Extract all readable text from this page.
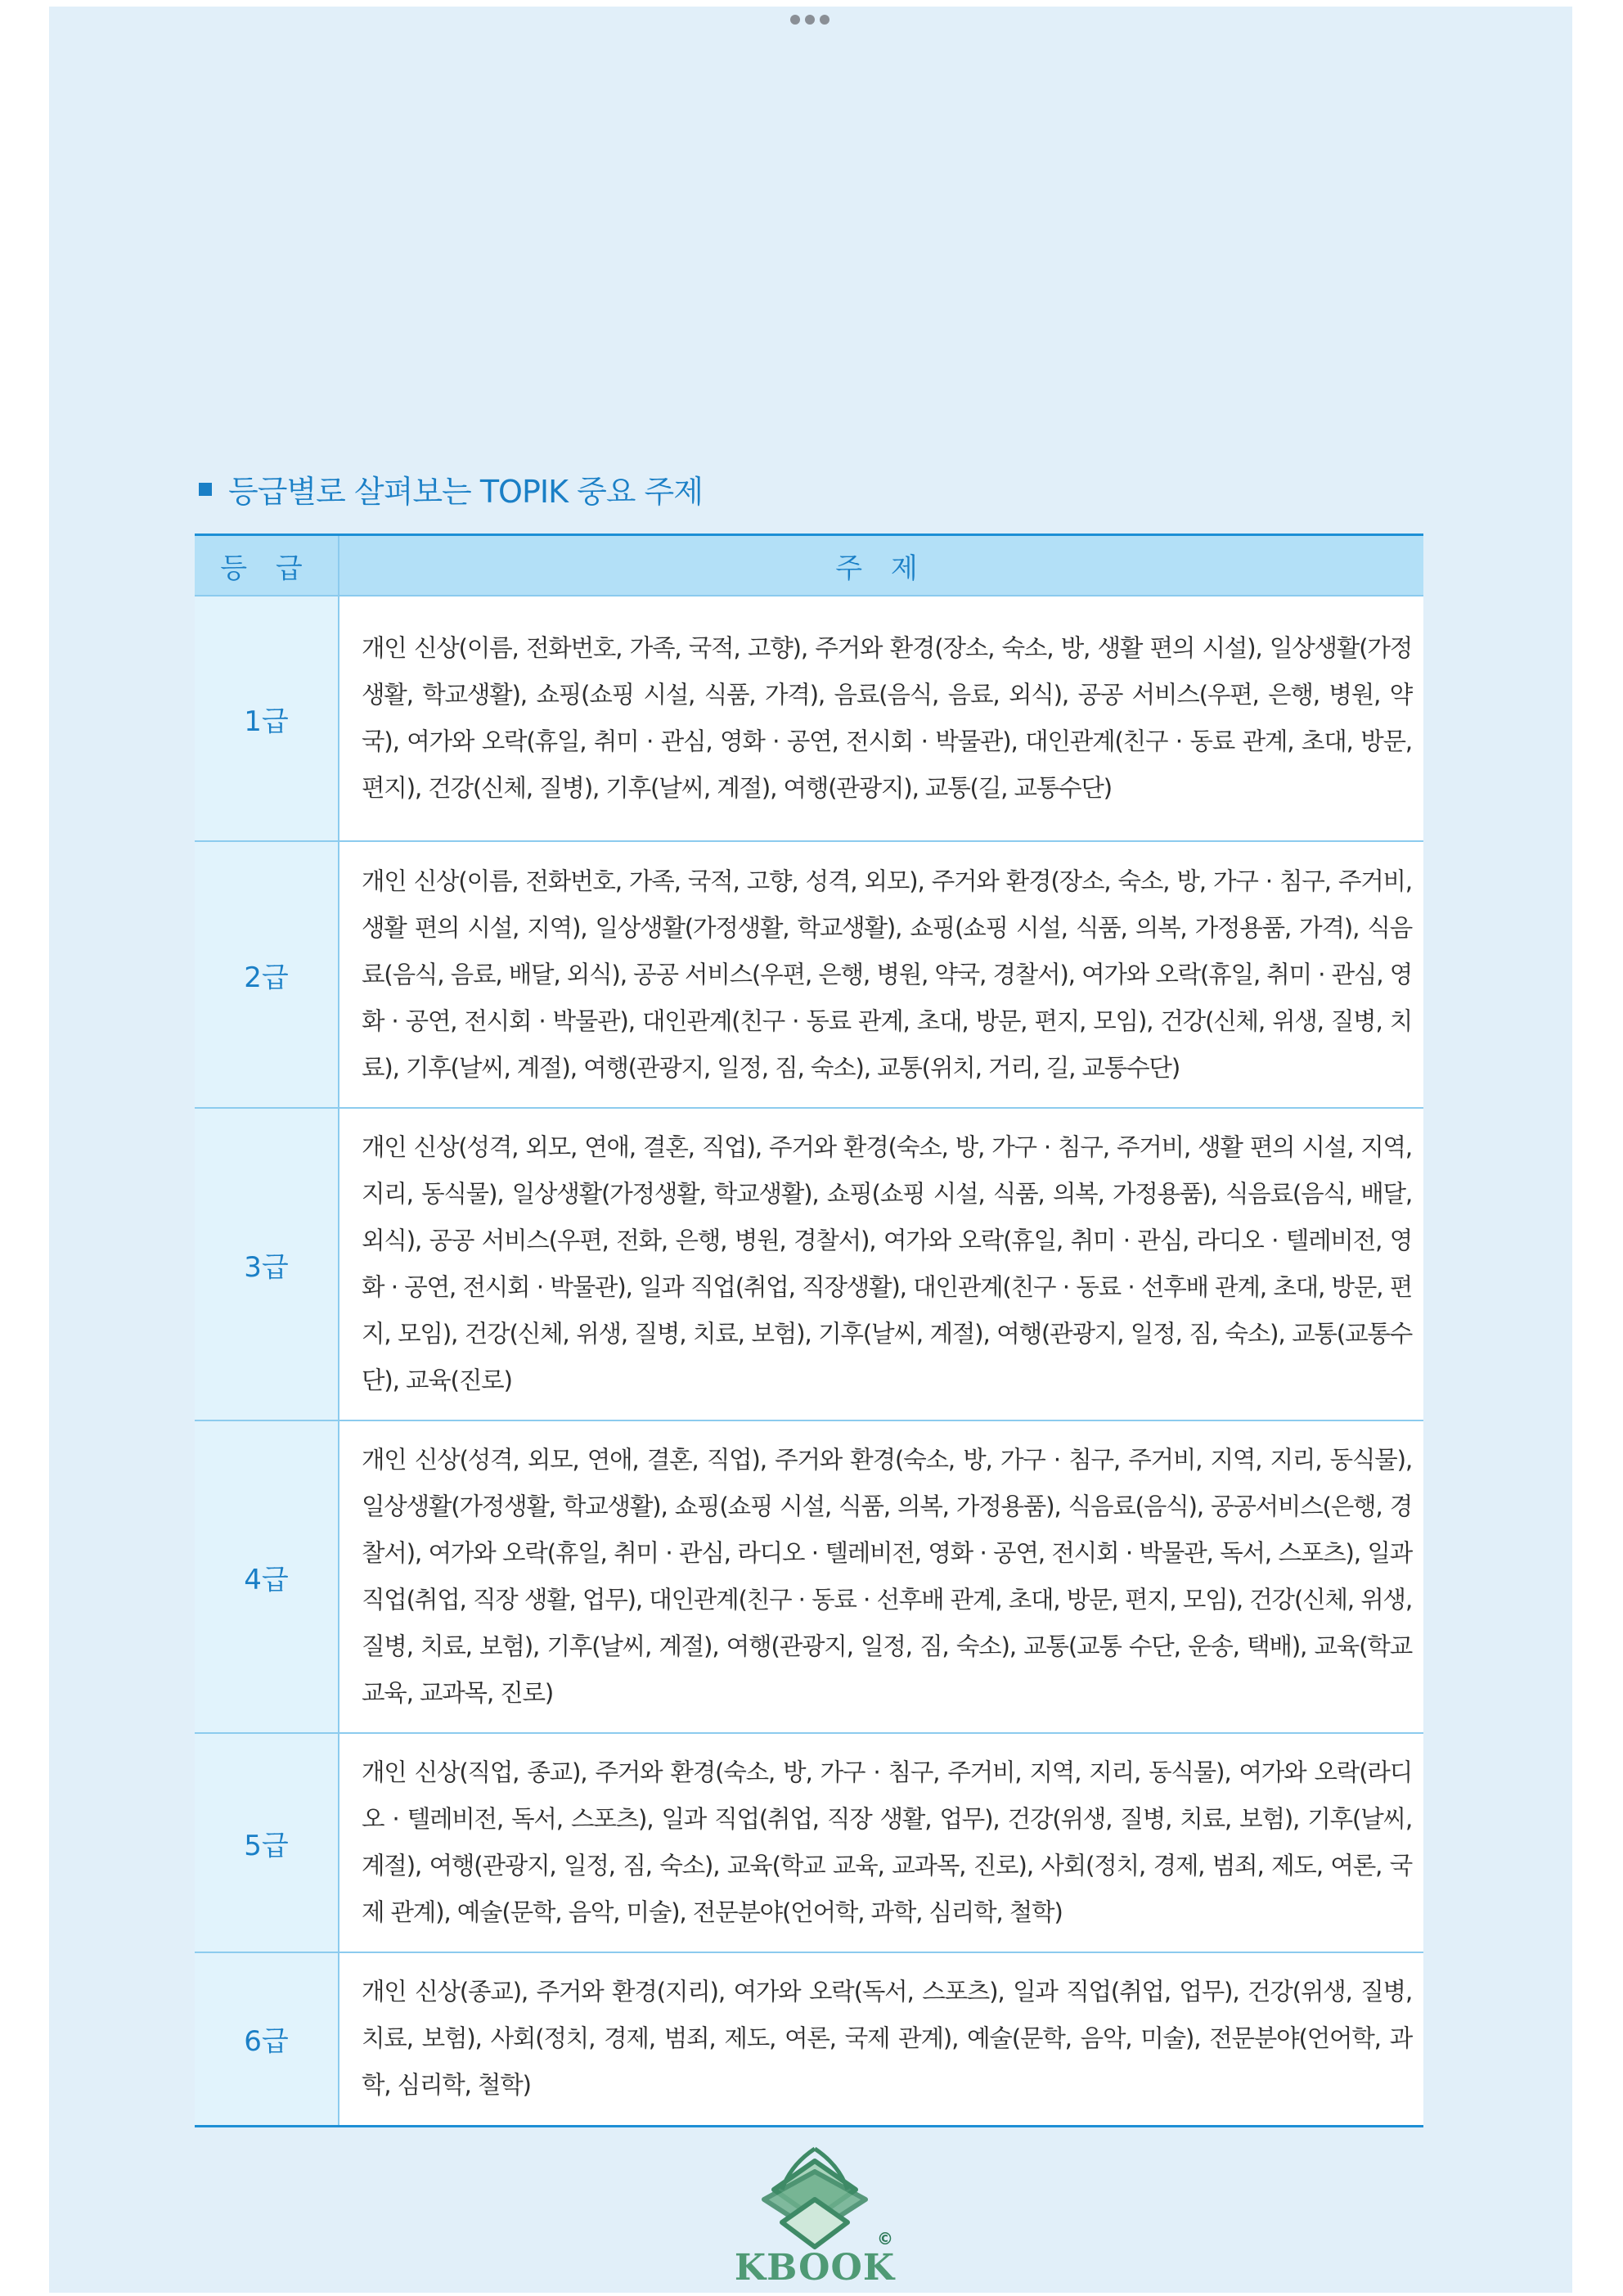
등급별로 살펴보는 TOPIK 중요 주제
등 급	주 제
1급	개인 신상(이름, 전화번호, 가족, 국적, 고향), 주거와 환경(장소, 숙소, 방, 생활 편의 시설), 일상생활(가정생활, 학교생활), 쇼핑(쇼핑 시설, 식품, 가격), 음료(음식, 음료, 외식), 공공 서비스(우편, 은행, 병원, 약국), 여가와 오락(휴일, 취미 · 관심, 영화 · 공연, 전시회 · 박물관), 대인관계(친구 · 동료 관계, 초대, 방문, 편지), 건강(신체, 질병), 기후(날씨, 계절), 여행(관광지), 교통(길, 교통수단)
2급	개인 신상(이름, 전화번호, 가족, 국적, 고향, 성격, 외모), 주거와 환경(장소, 숙소, 방, 가구 · 침구, 주거비, 생활 편의 시설, 지역), 일상생활(가정생활, 학교생활), 쇼핑(쇼핑 시설, 식품, 의복, 가정용품, 가격), 식음료(음식, 음료, 배달, 외식), 공공 서비스(우편, 은행, 병원, 약국, 경찰서), 여가와 오락(휴일, 취미 · 관심, 영화 · 공연, 전시회 · 박물관), 대인관계(친구 · 동료 관계, 초대, 방문, 편지, 모임), 건강(신체, 위생, 질병, 치료), 기후(날씨, 계절), 여행(관광지, 일정, 짐, 숙소), 교통(위치, 거리, 길, 교통수단)
3급	개인 신상(성격, 외모, 연애, 결혼, 직업), 주거와 환경(숙소, 방, 가구 · 침구, 주거비, 생활 편의 시설, 지역, 지리, 동식물), 일상생활(가정생활, 학교생활), 쇼핑(쇼핑 시설, 식품, 의복, 가정용품), 식음료(음식, 배달, 외식), 공공 서비스(우편, 전화, 은행, 병원, 경찰서), 여가와 오락(휴일, 취미 · 관심, 라디오 · 텔레비전, 영화 · 공연, 전시회 · 박물관), 일과 직업(취업, 직장생활), 대인관계(친구 · 동료 · 선후배 관계, 초대, 방문, 편지, 모임), 건강(신체, 위생, 질병, 치료, 보험), 기후(날씨, 계절), 여행(관광지, 일정, 짐, 숙소), 교통(교통수단), 교육(진로)
4급	개인 신상(성격, 외모, 연애, 결혼, 직업), 주거와 환경(숙소, 방, 가구 · 침구, 주거비, 지역, 지리, 동식물), 일상생활(가정생활, 학교생활), 쇼핑(쇼핑 시설, 식품, 의복, 가정용품), 식음료(음식), 공공서비스(은행, 경찰서), 여가와 오락(휴일, 취미 · 관심, 라디오 · 텔레비전, 영화 · 공연, 전시회 · 박물관, 독서, 스포츠), 일과 직업(취업, 직장 생활, 업무), 대인관계(친구 · 동료 · 선후배 관계, 초대, 방문, 편지, 모임), 건강(신체, 위생, 질병, 치료, 보험), 기후(날씨, 계절), 여행(관광지, 일정, 짐, 숙소), 교통(교통 수단, 운송, 택배), 교육(학교 교육, 교과목, 진로)
5급	개인 신상(직업, 종교), 주거와 환경(숙소, 방, 가구 · 침구, 주거비, 지역, 지리, 동식물), 여가와 오락(라디오 · 텔레비전, 독서, 스포츠), 일과 직업(취업, 직장 생활, 업무), 건강(위생, 질병, 치료, 보험), 기후(날씨, 계절), 여행(관광지, 일정, 짐, 숙소), 교육(학교 교육, 교과목, 진로), 사회(정치, 경제, 범죄, 제도, 여론, 국제 관계), 예술(문학, 음악, 미술), 전문분야(언어학, 과학, 심리학, 철학)
6급	개인 신상(종교), 주거와 환경(지리), 여가와 오락(독서, 스포츠), 일과 직업(취업, 업무), 건강(위생, 질병, 치료, 보험), 사회(정치, 경제, 범죄, 제도, 여론, 국제 관계), 예술(문학, 음악, 미술), 전문분야(언어학, 과학, 심리학, 철학)
©
KBOOK
